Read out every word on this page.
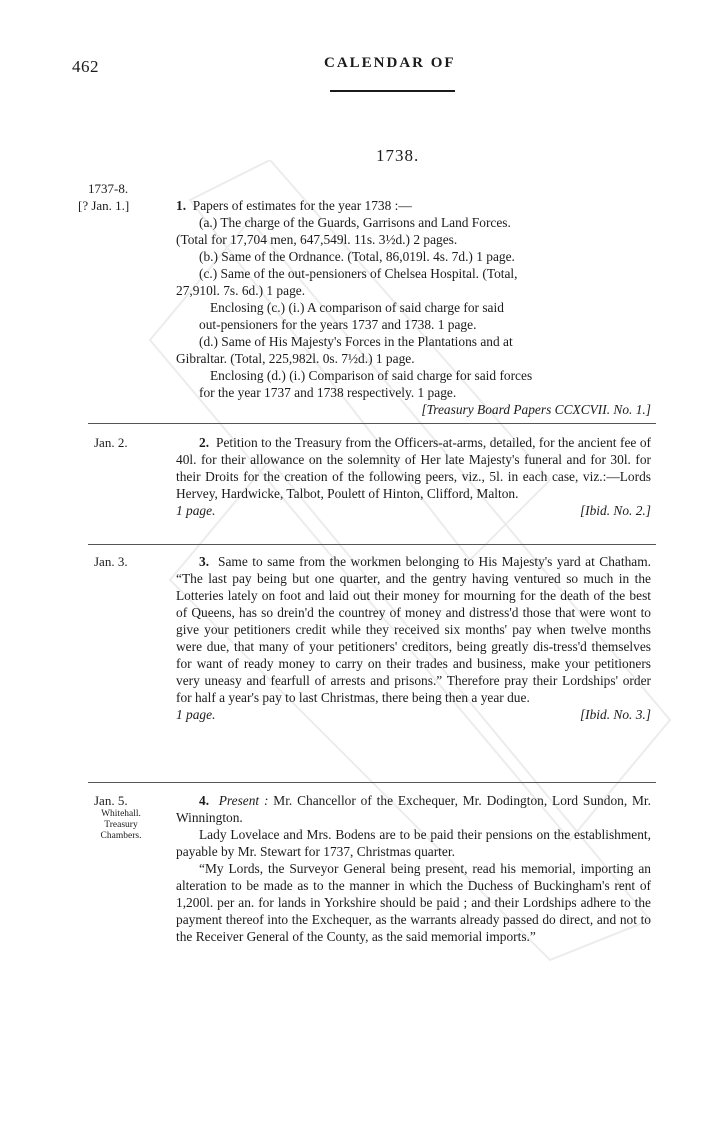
462	CALENDAR OF
1738.
1737-8.
[? Jan. 1.]	1. Papers of estimates for the year 1738 :—

(a.) The charge of the Guards, Garrisons and Land Forces.

(Total for 17,704 men, 647,549l. 11s. 3½d.) 2 pages.

(b.) Same of the Ordnance. (Total, 86,019l. 4s. 7d.) 1 page.

(c.) Same of the out-pensioners of Chelsea Hospital. (Total,

27,910l. 7s. 6d.) 1 page.

Enclosing (c.) (i.) A comparison of said charge for said

out-pensioners for the years 1737 and 1738. 1 page.

(d.) Same of His Majesty's Forces in the Plantations and at

Gibraltar. (Total, 225,982l. 0s. 7½d.) 1 page.

Enclosing (d.) (i.) Comparison of said charge for said forces

for the year 1737 and 1738 respectively. 1 page.

[Treasury Board Papers CCXCVII. No. 1.]

Jan. 2.	2. Petition to the Treasury from the Officers-at-arms, detailed, for the ancient fee of 40l. for their allowance on the solemnity of Her late Majesty's funeral and for 30l. for their Droits for the creation of the following peers, viz., 5l. in each case, viz.:—Lords Hervey, Hardwicke, Talbot, Poulett of Hinton, Clifford, Malton.

1 page.	[Ibid. No. 2.]

Jan. 3.	3. Same to same from the workmen belonging to His Majesty's yard at Chatham. “The last pay being but one quarter, and the gentry having ventured so much in the Lotteries lately on foot and laid out their money for mourning for the death of the best of Queens, has so drein'd the countrey of money and distress'd those that were wont to give your petitioners credit while they received six months' pay when twelve months were due, that many of your petitioners' creditors, being greatly dis-tress'd themselves for want of ready money to carry on their trades and business, make your petitioners very uneasy and fearfull of arrests and prisons.” Therefore pray their Lordships' order for half a year's pay to last Christmas, there being then a year due.

1 page.	[Ibid. No. 3.]

Jan. 5.
Whitehall.
Treasury
Chambers.

4. Present : Mr. Chancellor of the Exchequer, Mr. Dodington, Lord Sundon, Mr. Winnington.

Lady Lovelace and Mrs. Bodens are to be paid their pensions on the establishment, payable by Mr. Stewart for 1737, Christmas quarter.

“My Lords, the Surveyor General being present, read his memorial, importing an alteration to be made as to the manner in which the Duchess of Buckingham's rent of 1,200l. per an. for lands in Yorkshire should be paid ; and their Lordships adhere to the payment thereof into the Exchequer, as the warrants already passed do direct, and not to the Receiver General of the County, as the said memorial imports.”
